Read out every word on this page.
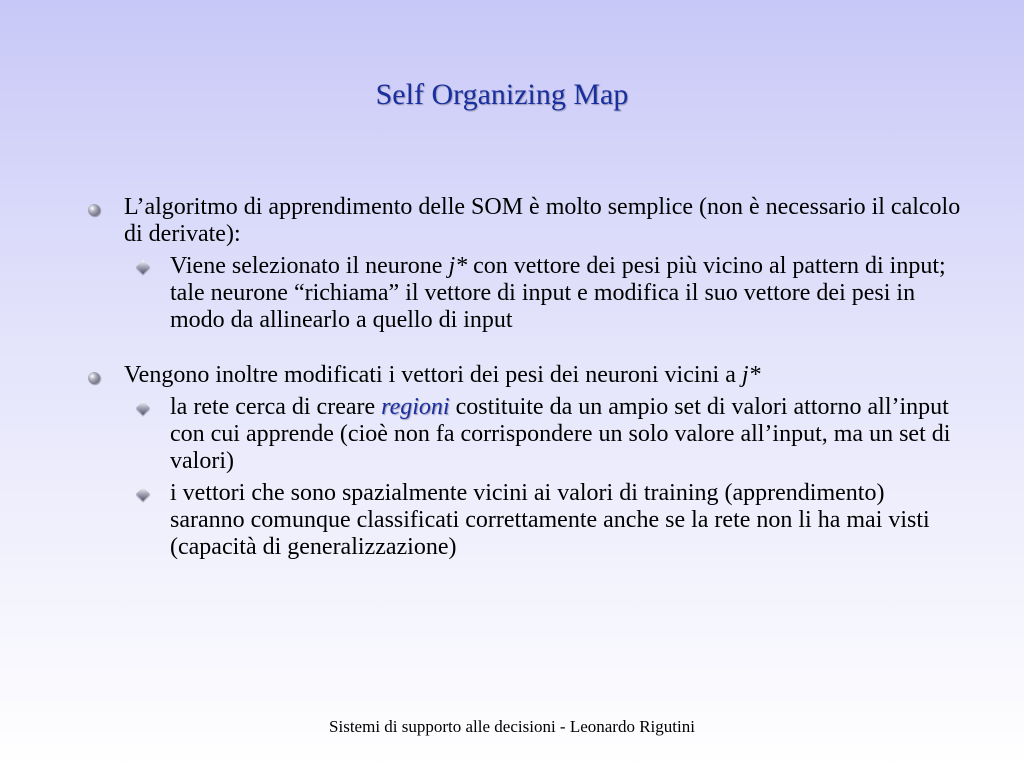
Self Organizing Map
L’algoritmo di apprendimento delle SOM è molto semplice (non è necessario il calcolo di derivate):
Viene selezionato il neurone j* con vettore dei pesi più vicino al pattern di input; tale neurone “richiama” il vettore di input e modifica il suo vettore dei pesi in modo da allinearlo a quello di input
Vengono inoltre modificati i vettori dei pesi dei neuroni vicini a j*
la rete cerca di creare regioni costituite da un ampio set di valori attorno all’input con cui apprende (cioè non fa corrispondere un solo valore all’input, ma un set di valori)
i vettori che sono spazialmente vicini ai valori di training (apprendimento) saranno comunque classificati correttamente anche se la rete non li ha mai visti (capacità di generalizzazione)
Sistemi di supporto alle decisioni - Leonardo Rigutini
